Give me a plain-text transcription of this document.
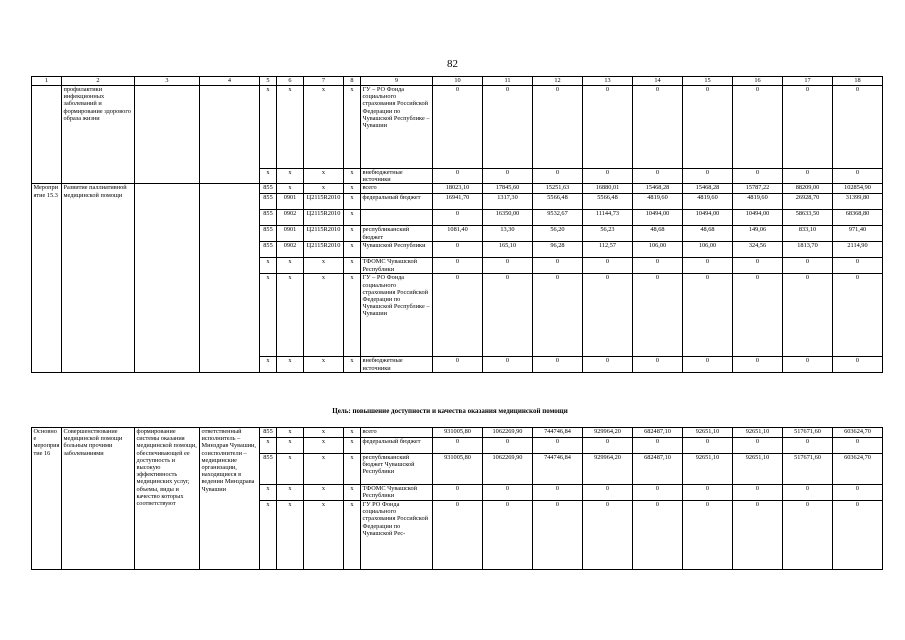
82
1	2	3	4	5	6	7	8	9	10	11	12	13	14	15	16	17	18
	профилактики инфекционных заболеваний и формирование здорового образа жизни			х	х	х	х	ГУ – РО Фонда социального страхования Российской Федерации по Чувашской Республике – Чувашии	0	0	0	0	0	0	0	0	0
				х	х	х	х	внебюджетные источники	0	0	0	0	0	0	0	0	0
Мероприятие 15.3	Развитие паллиативной медицинской помощи			855	х	х	х	всего	18023,10	17845,60	15251,63	16880,01	15468,28	15468,28	15787,22	88209,00	102854,90
				855	0901	Ц2115R2010	х	федеральный бюджет	16941,70	1317,30	5566,48	5566,48	4819,60	4819,60	4819,60	26928,70	31399,80
				855	0902	Ц2115R2010	х		0	16350,00	9532,67	11144,73	10494,00	10494,00	10494,00	58633,50	68368,80
				855	0901	Ц2115R2010	х	республиканский бюджет	1081,40	13,30	56,20	56,23	48,68	48,68	149,06	833,10	971,40
				855	0902	Ц2115R2010	х	Чувашской Республики	0	165,10	96,28	112,57	106,00	106,00	324,56	1813,70	2114,90
				х	х	х	х	ТФОМС Чувашской Республики	0	0	0	0	0	0	0	0	0
				х	х	х	х	ГУ – РО Фонда социального страхования Российской Федерации по Чувашской Республике – Чувашии	0	0	0	0	0	0	0	0	0
				х	х	х	х	внебюджетные источники	0	0	0	0	0	0	0	0	0
Цель: повышение доступности и качества оказания медицинской помощи
Основное мероприятие 16	Совершенствование медицинской помощи больным прочими заболеваниями	формирование системы оказания медицинской помощи, обеспечивающей ее доступность и высокую эффективность медицинских услуг, объемы, виды и качество которых соответствуют	ответственный исполнитель – Минздрав Чувашии, соисполнители – медицинские организации, находящиеся в ведении Минздрава Чувашии	855	х	х	х	всего	931005,80	1062269,90	744746,84	929964,20	682487,10	92651,10	92651,10	517671,60	603624,70
				х	х	х	х	федеральный бюджет	0	0	0	0	0	0	0	0	0
				855	х	х	х	республиканский бюджет Чувашской Республики	931005,80	1062269,90	744746,84	929964,20	682487,10	92651,10	92651,10	517671,60	603624,70
				х	х	х	х	ТФОМС Чувашской Республики	0	0	0	0	0	0	0	0	0
				х	х	х	х	ГУ РО Фонда социального страхования Российской Федерации по Чувашской Рес-	0	0	0	0	0	0	0	0	0
